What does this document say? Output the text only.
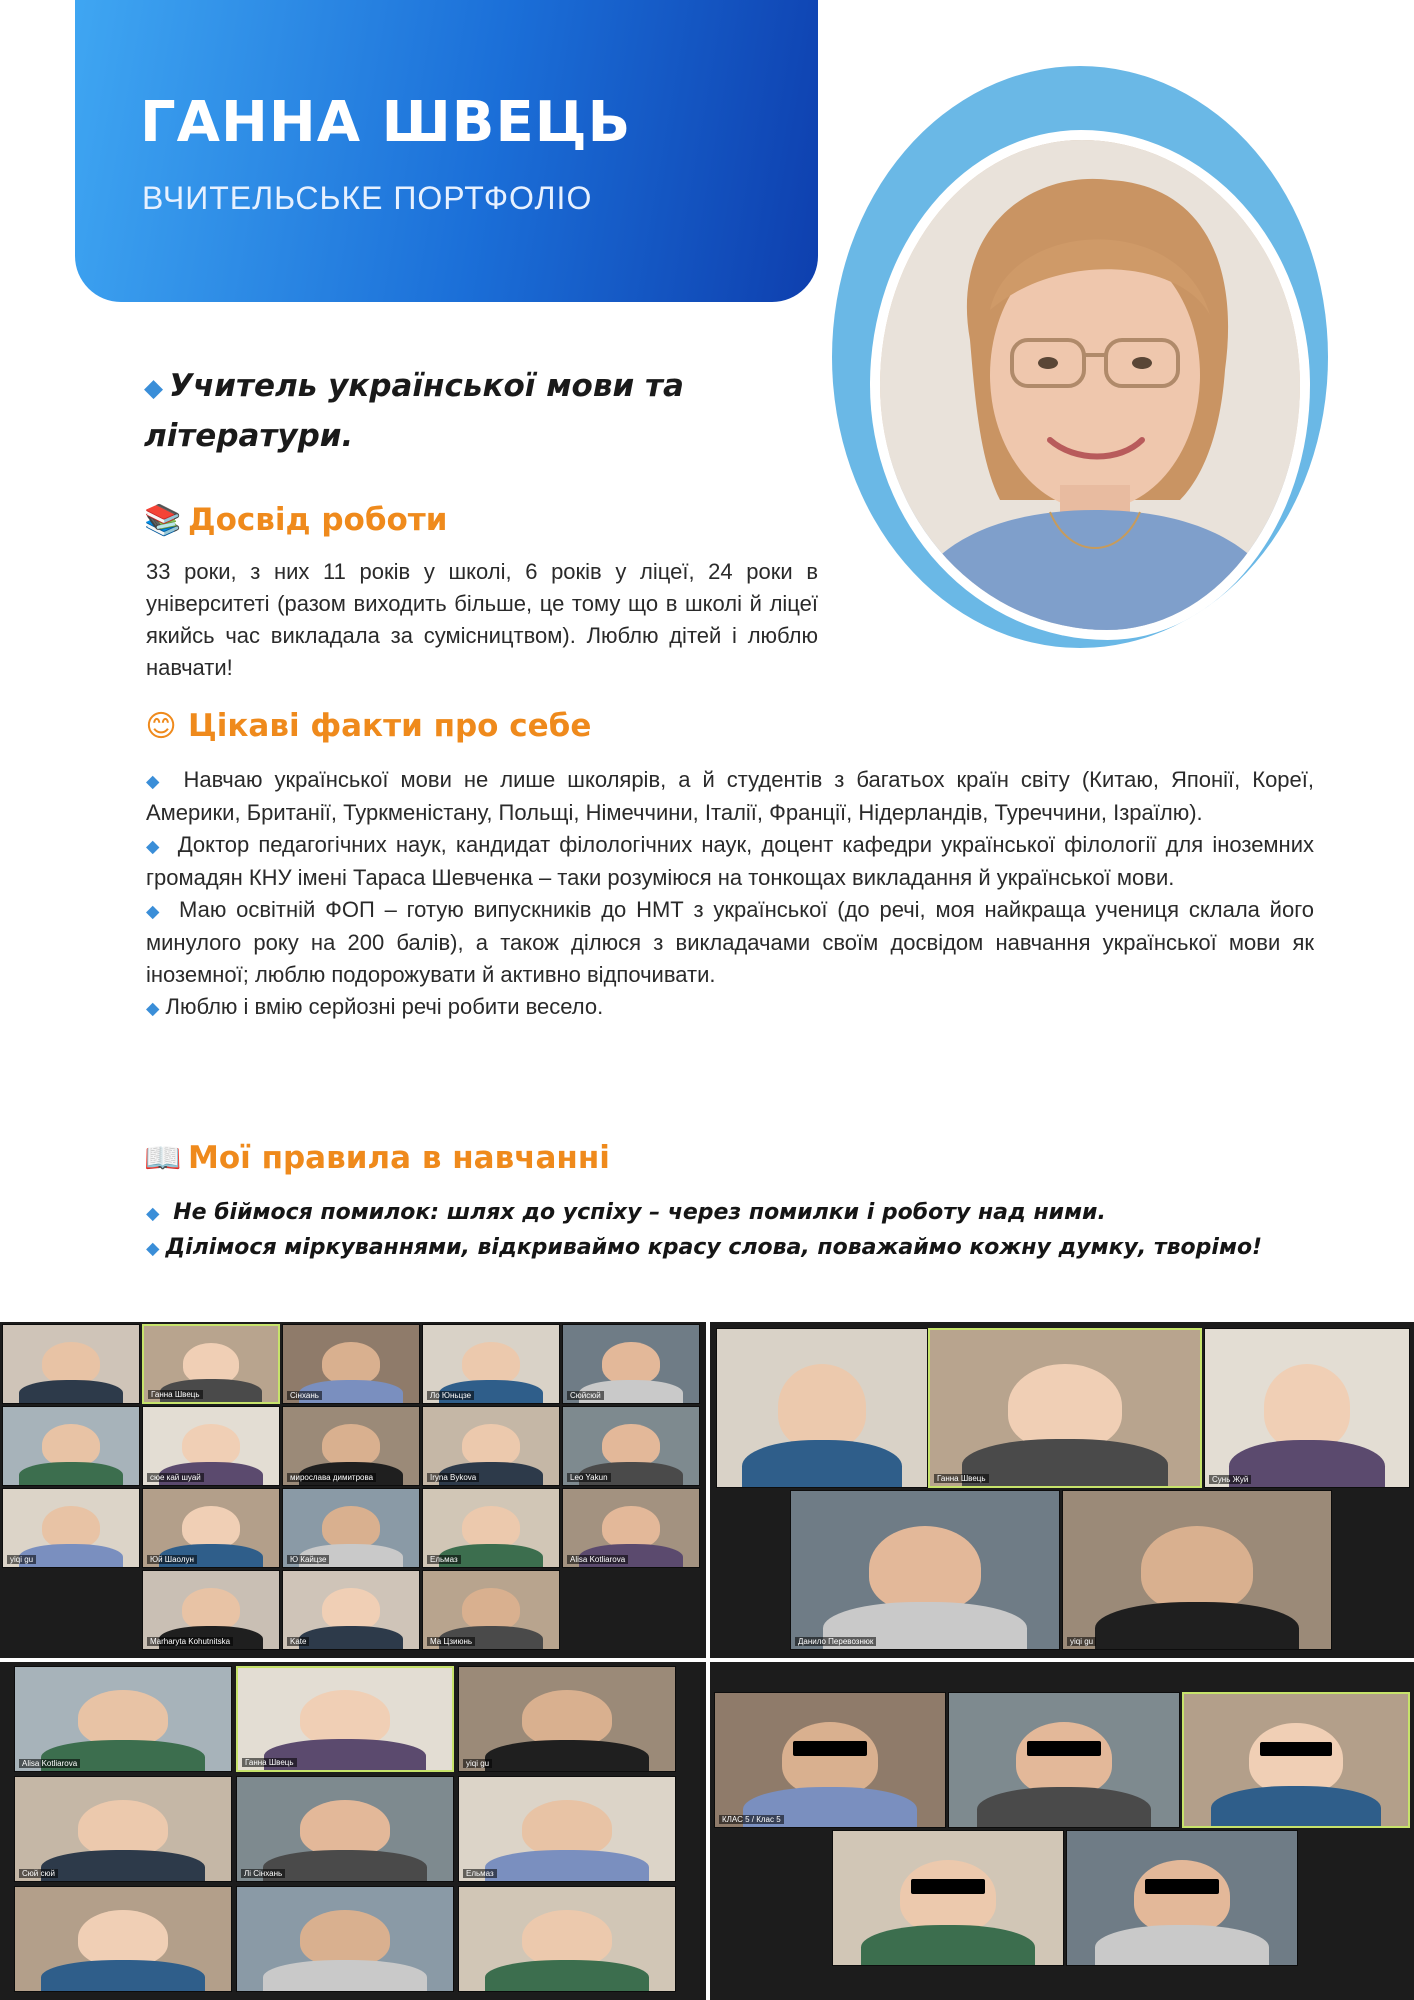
ГАННА ШВЕЦЬ
ВЧИТЕЛЬСЬКЕ ПОРТФОЛІО
◆ Учитель української мови та літератури.
📚 Досвід роботи
33 роки, з них 11 років у школі, 6 років у ліцеї, 24 роки в університеті (разом виходить більше, це тому що в школі й ліцеї якийсь час викладала за сумісництвом). Люблю дітей і люблю навчати!
😊 Цікаві факти про себе

◆ Навчаю української мови не лише школярів, а й студентів з багатьох країн світу (Китаю, Японії, Кореї, Америки, Британії, Туркменістану, Польщі, Німеччини, Італії, Франції, Нідерландів, Туреччини, Ізраїлю).

◆ Доктор педагогічних наук, кандидат філологічних наук, доцент кафедри української філології для іноземних громадян КНУ імені Тараса Шевченка – таки розуміюся на тонкощах викладання й української мови.

◆ Маю освітній ФОП – готую випускників до НМТ з української (до речі, моя найкраща учениця склала його минулого року на 200 балів), а також ділюся з викладачами своїм досвідом навчання української мови як іноземної; люблю подорожувати й активно відпочивати.

◆ Люблю і вмію серйозні речі робити весело.

📖 Мої правила в навчанні

◆ Не біймося помилок: шлях до успіху – через помилки і роботу над ними.

◆ Ділімося міркуваннями, відкриваймо красу слова, поважаймо кожну думку, творімо!

Ганна Швець	Сінхань	Ло Юньцзе	Сюйсюй
сюе кай шуай	мирослава димитрова	Iryna Bykova	Leo Yakun
yiqi gu	Юй Шаолун	Ю Кайцзе	Ельмаз	Alisa Kotliarova
Marharyta Kohutnitska	Kate	Ма Цзиюнь
Ганна Швець	Сунь Жуй
Данило Перевознюк	yiqi gu
Alisa Kotliarova	Ганна Швець	yiqi gu
Сюй сюй	Лі Сінхань	Ельмаз
КЛАС 5 / Клас 5
